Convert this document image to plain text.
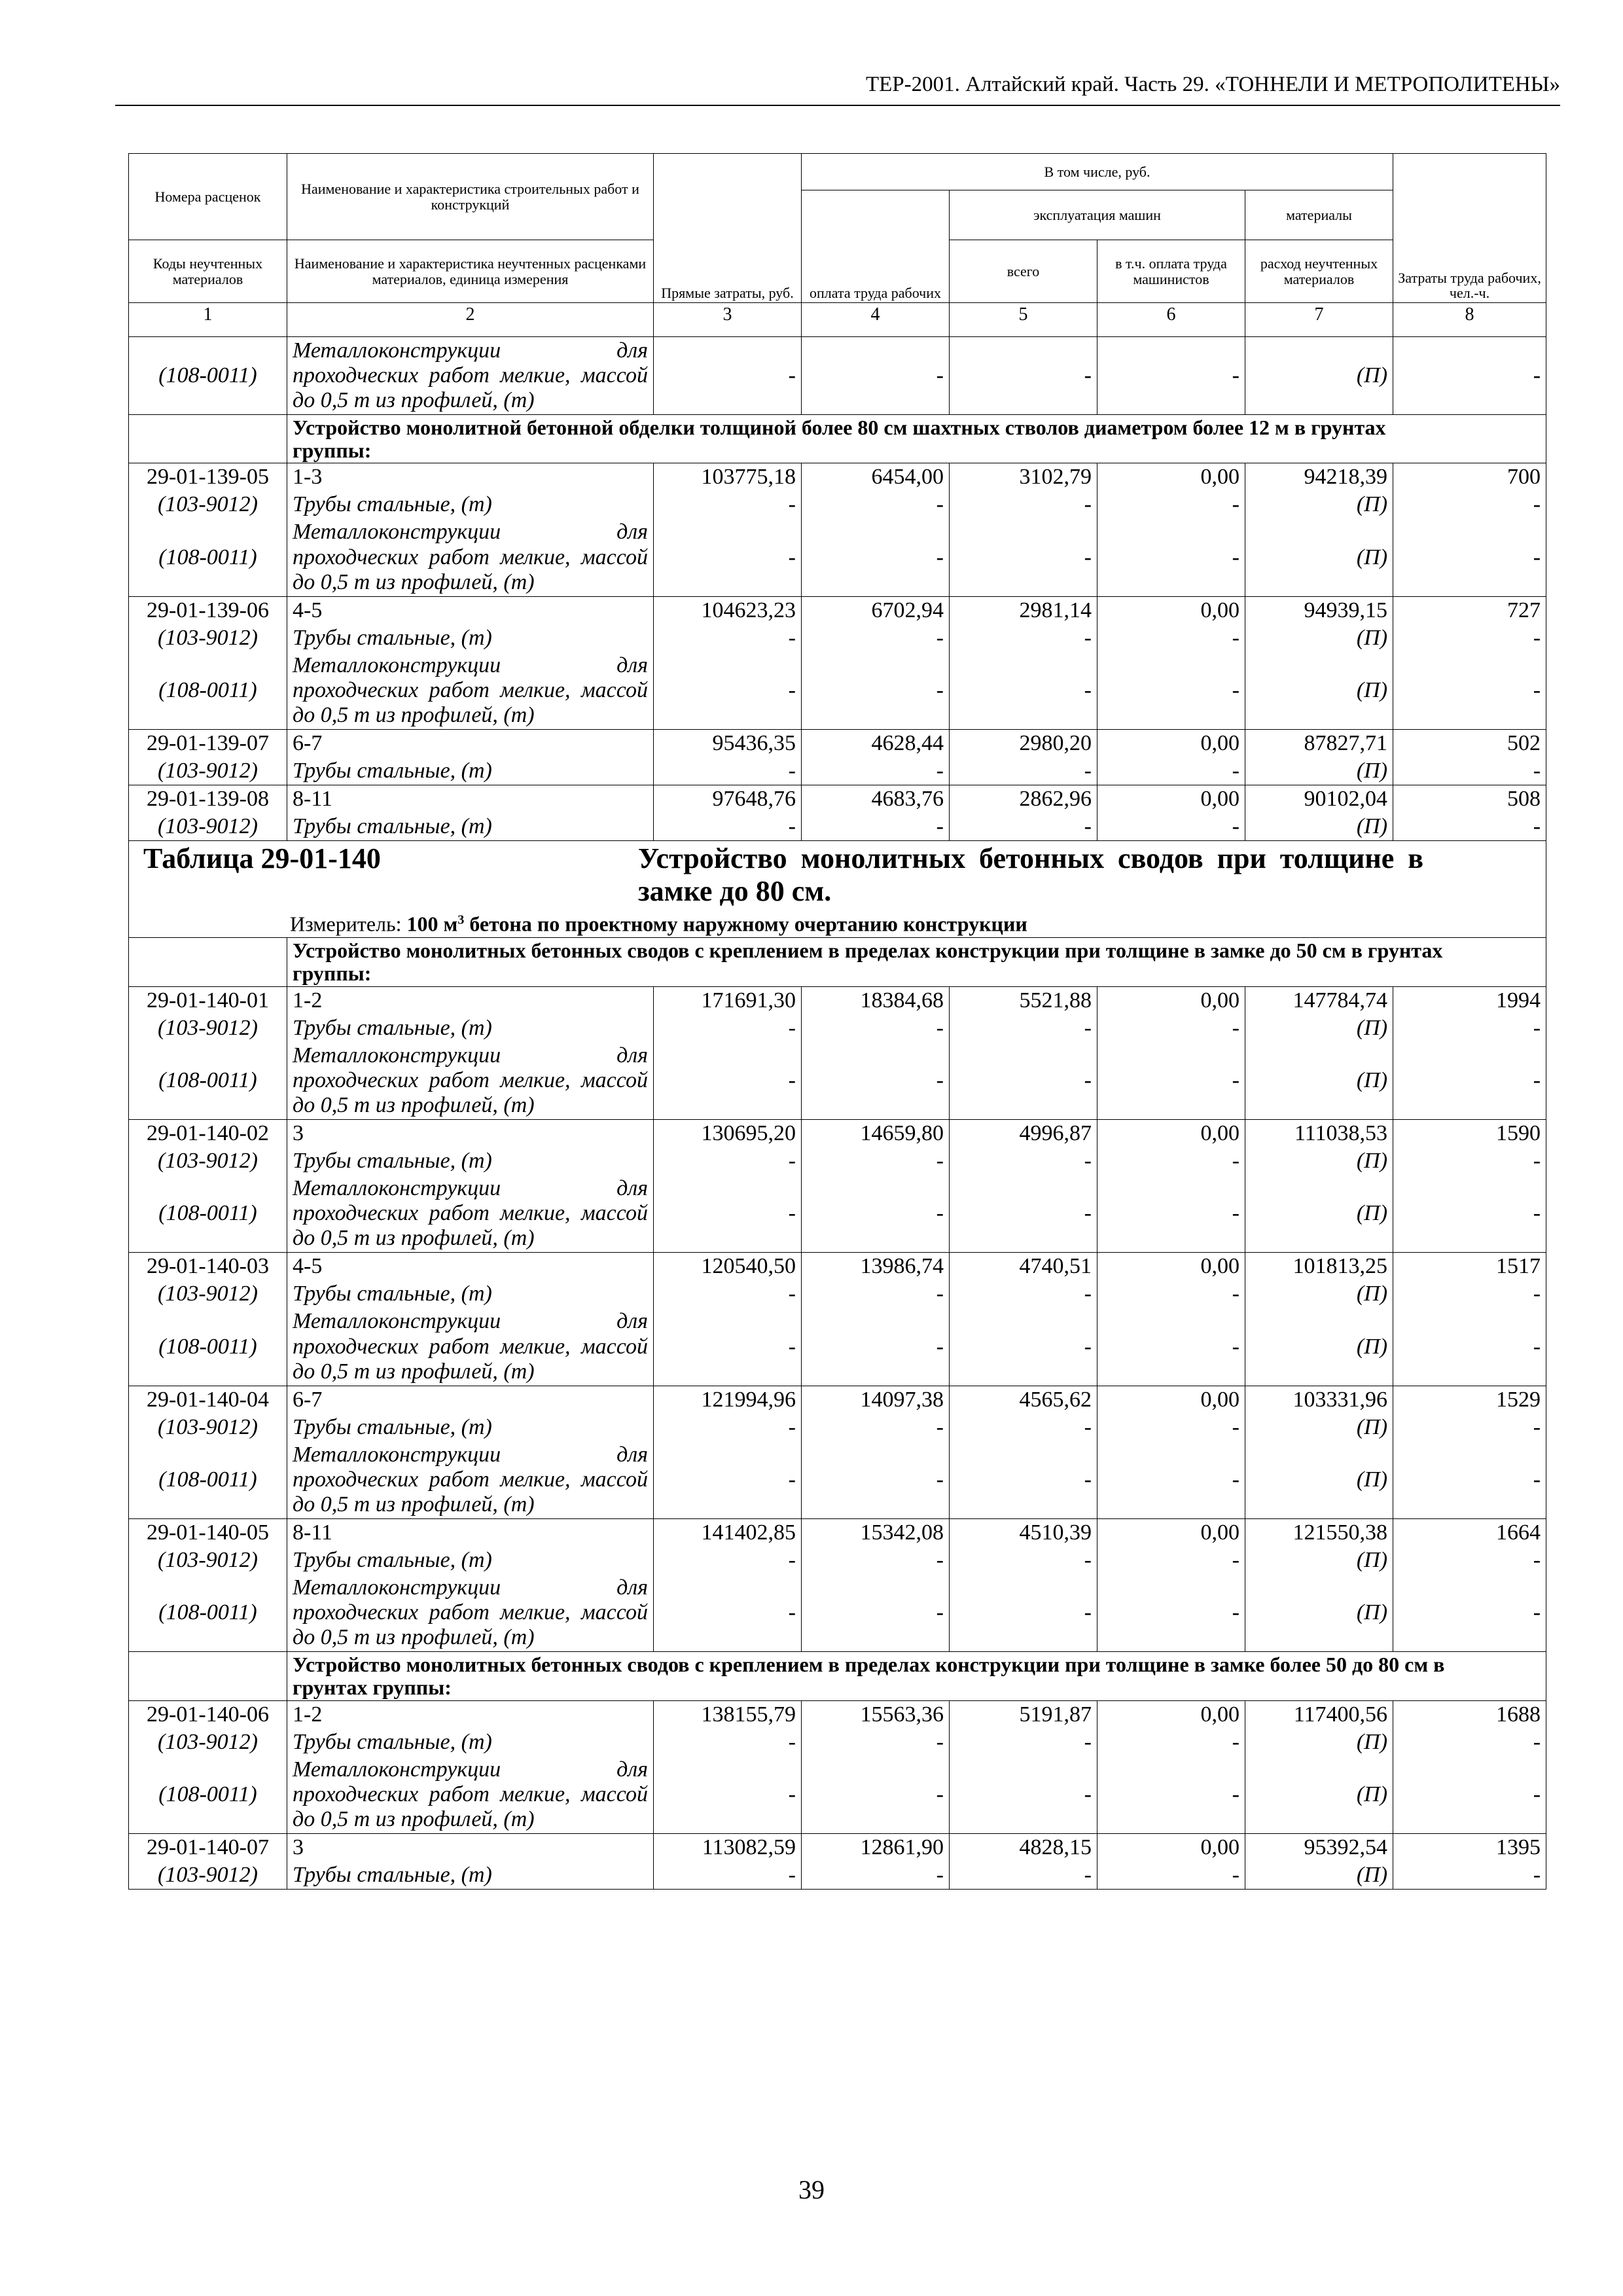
ТЕР-2001. Алтайский край. Часть 29. «ТОННЕЛИ И МЕТРОПОЛИТЕНЫ»
Номера расценок	Наименование и характеристика строительных работ и конструкций	Прямые затраты, руб.	В том числе, руб.				Затраты труда рабочих, чел.-ч.
			оплата труда рабочих	эксплуатация машин		материалы	
Коды неучтенных материалов	Наименование и характеристика неучтенных расценками материалов, единица измерения			всего	в т.ч. оплата труда машинистов	расход неучтенных материалов	
1	2	3	4	5	6	7	8
(108-0011)	Металлоконструкции для проходческих работ мелкие, массой до 0,5 т из профилей, (т)	-	-	-	-	(П)	-
	Устройство монолитной бетонной обделки толщиной более 80 см шахтных стволов диаметром более 12 м в грунтах группы:						
29-01-139-05	1-3	103775,18	6454,00	3102,79	0,00	94218,39	700
(103-9012)	Трубы стальные, (т)	-	-	-	-	(П)	-
(108-0011)	Металлоконструкции для проходческих работ мелкие, массой до 0,5 т из профилей, (т)	-	-	-	-	(П)	-
29-01-139-06	4-5	104623,23	6702,94	2981,14	0,00	94939,15	727
(103-9012)	Трубы стальные, (т)	-	-	-	-	(П)	-
(108-0011)	Металлоконструкции для проходческих работ мелкие, массой до 0,5 т из профилей, (т)	-	-	-	-	(П)	-
29-01-139-07	6-7	95436,35	4628,44	2980,20	0,00	87827,71	502
(103-9012)	Трубы стальные, (т)	-	-	-	-	(П)	-
29-01-139-08	8-11	97648,76	4683,76	2862,96	0,00	90102,04	508
(103-9012)	Трубы стальные, (т)	-	-	-	-	(П)	-

Таблица 29-01-140 Устройство монолитных бетонных сводов при толщине в замке до 80 см.
Измеритель: 100 $м^3$ бетона по проектному наружному очертанию конструкции							

	Устройство монолитных бетонных сводов с креплением в пределах конструкции при толщине в замке до 50 см в грунтах группы:						
29-01-140-01	1-2	171691,30	18384,68	5521,88	0,00	147784,74	1994
(103-9012)	Трубы стальные, (т)	-	-	-	-	(П)	-
(108-0011)	Металлоконструкции для проходческих работ мелкие, массой до 0,5 т из профилей, (т)	-	-	-	-	(П)	-
29-01-140-02	3	130695,20	14659,80	4996,87	0,00	111038,53	1590
(103-9012)	Трубы стальные, (т)	-	-	-	-	(П)	-
(108-0011)	Металлоконструкции для проходческих работ мелкие, массой до 0,5 т из профилей, (т)	-	-	-	-	(П)	-
29-01-140-03	4-5	120540,50	13986,74	4740,51	0,00	101813,25	1517
(103-9012)	Трубы стальные, (т)	-	-	-	-	(П)	-
(108-0011)	Металлоконструкции для проходческих работ мелкие, массой до 0,5 т из профилей, (т)	-	-	-	-	(П)	-
29-01-140-04	6-7	121994,96	14097,38	4565,62	0,00	103331,96	1529
(103-9012)	Трубы стальные, (т)	-	-	-	-	(П)	-
(108-0011)	Металлоконструкции для проходческих работ мелкие, массой до 0,5 т из профилей, (т)	-	-	-	-	(П)	-
29-01-140-05	8-11	141402,85	15342,08	4510,39	0,00	121550,38	1664
(103-9012)	Трубы стальные, (т)	-	-	-	-	(П)	-
(108-0011)	Металлоконструкции для проходческих работ мелкие, массой до 0,5 т из профилей, (т)	-	-	-	-	(П)	-
	Устройство монолитных бетонных сводов с креплением в пределах конструкции при толщине в замке более 50 до 80 см в грунтах группы:						
29-01-140-06	1-2	138155,79	15563,36	5191,87	0,00	117400,56	1688
(103-9012)	Трубы стальные, (т)	-	-	-	-	(П)	-
(108-0011)	Металлоконструкции для проходческих работ мелкие, массой до 0,5 т из профилей, (т)	-	-	-	-	(П)	-
29-01-140-07	3	113082,59	12861,90	4828,15	0,00	95392,54	1395
(103-9012)	Трубы стальные, (т)	-	-	-	-	(П)	-
39
